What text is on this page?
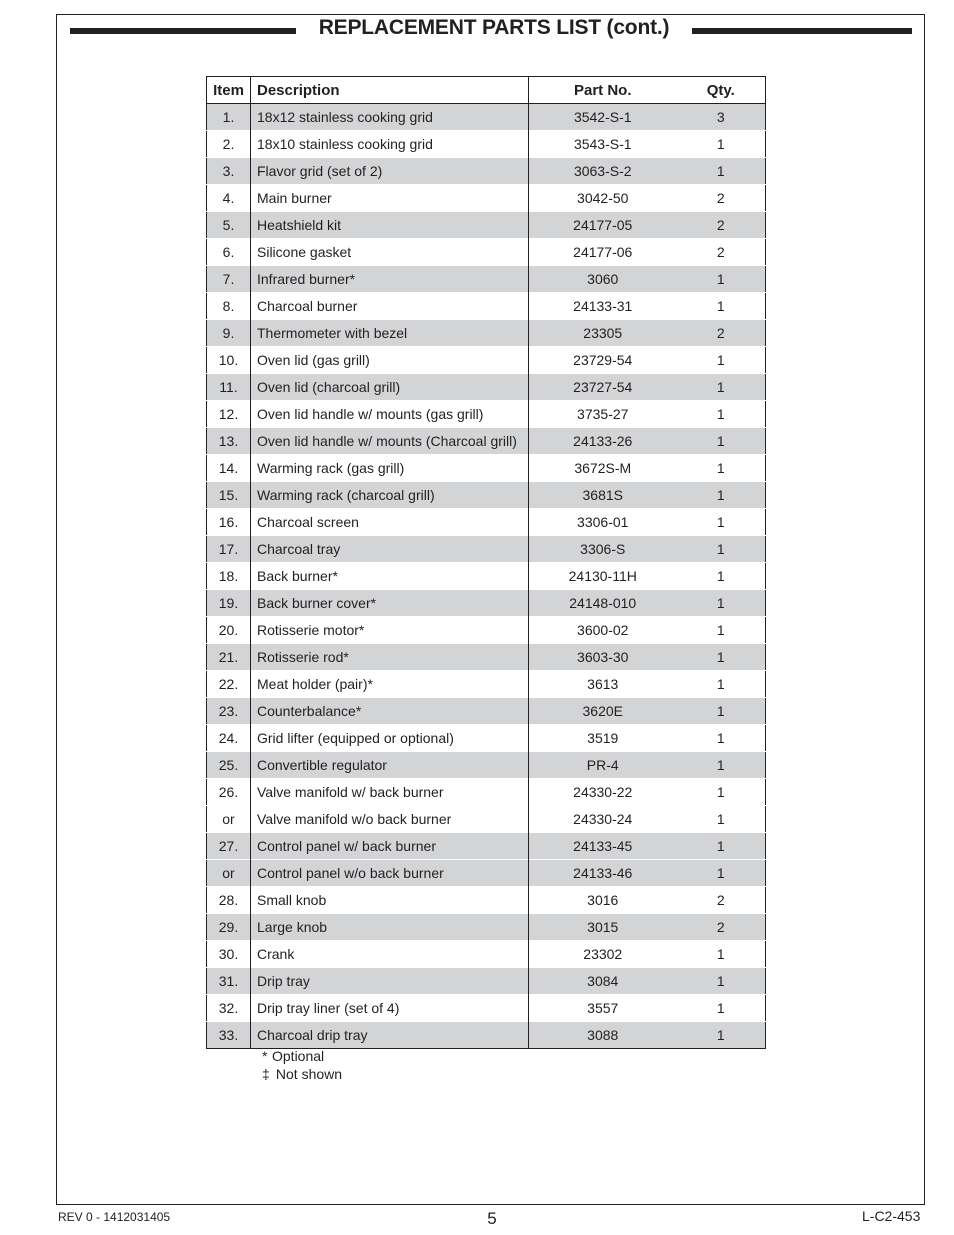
REPLACEMENT PARTS LIST (cont.)
Item	Description	Part No.	Qty.
1.	18x12 stainless cooking grid	3542-S-1	3
2.	18x10 stainless cooking grid	3543-S-1	1
3.	Flavor grid (set of 2)	3063-S-2	1
4.	Main burner	3042-50	2
5.	Heatshield kit	24177-05	2
6.	Silicone gasket	24177-06	2
7.	Infrared burner*	3060	1
8.	Charcoal burner	24133-31	1
9.	Thermometer with bezel	23305	2
10.	Oven lid (gas grill)	23729-54	1
11.	Oven lid (charcoal grill)	23727-54	1
12.	Oven lid handle w/ mounts (gas grill)	3735-27	1
13.	Oven lid handle w/ mounts (Charcoal grill)	24133-26	1
14.	Warming rack (gas grill)	3672S-M	1
15.	Warming rack (charcoal grill)	3681S	1
16.	Charcoal screen	3306-01	1
17.	Charcoal tray	3306-S	1
18.	Back burner*	24130-11H	1
19.	Back burner cover*	24148-010	1
20.	Rotisserie motor*	3600-02	1
21.	Rotisserie rod*	3603-30	1
22.	Meat holder (pair)*	3613	1
23.	Counterbalance*	3620E	1
24.	Grid lifter (equipped or optional)	3519	1
25.	Convertible regulator	PR-4	1
26.	Valve manifold w/ back burner	24330-22	1
or	Valve manifold w/o back burner	24330-24	1
27.	Control panel w/ back burner	24133-45	1
or	Control panel w/o back burner	24133-46	1
28.	Small knob	3016	2
29.	Large knob	3015	2
30.	Crank	23302	1
31.	Drip tray	3084	1
32.	Drip tray liner (set of 4)	3557	1
33.	Charcoal drip tray	3088	1
* Optional
‡ Not shown
REV 0 - 1412031405	5	L-C2-453
